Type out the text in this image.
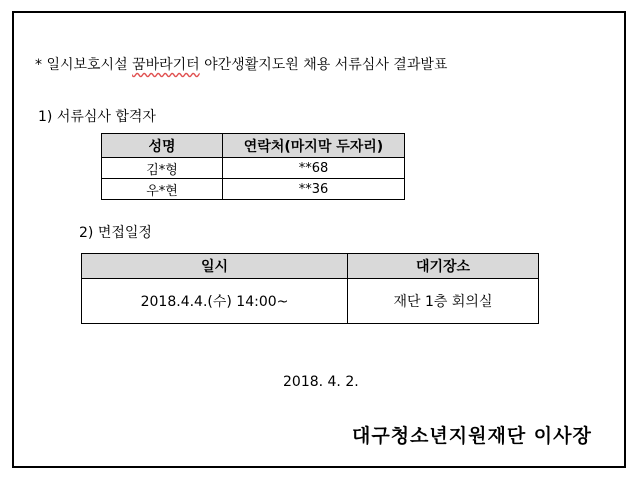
* 일시보호시설 꿈바라기터 야간생활지도원 채용 서류심사 결과발표
1) 서류심사 합격자
성명	연락처(마지막 두자리)
김*형	**68
우*현	**36
2) 면접일정
일시	대기장소
2018.4.4.(수) 14:00~	재단 1층 회의실
2018. 4. 2.
대구청소년지원재단 이사장
